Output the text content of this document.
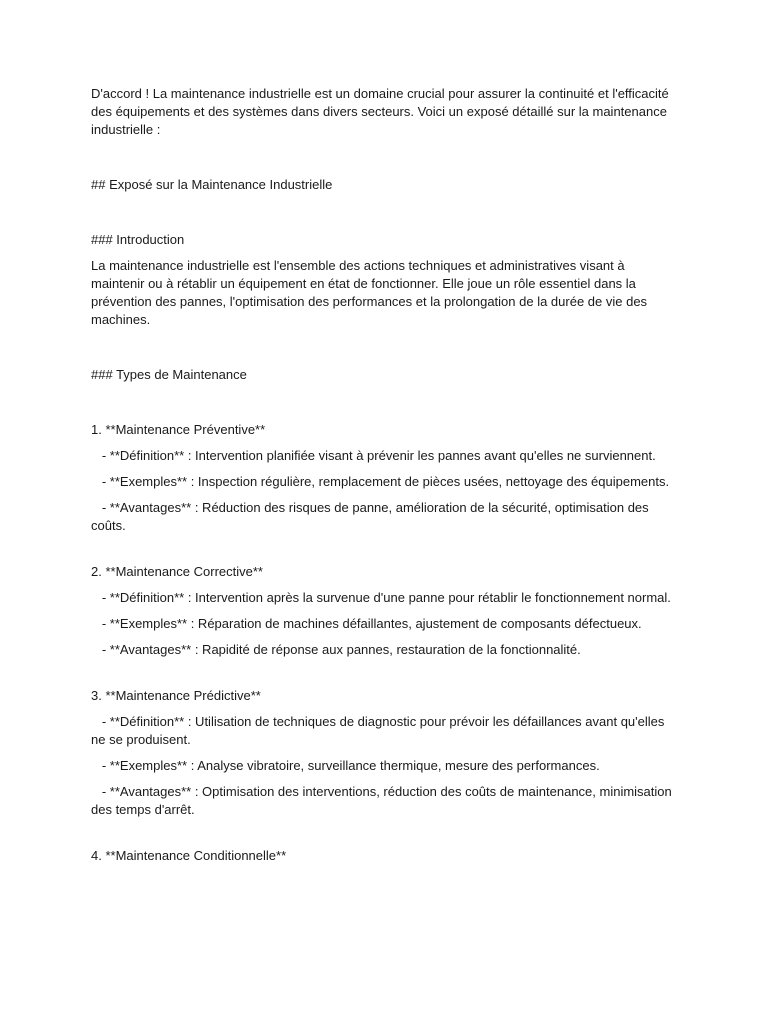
D'accord ! La maintenance industrielle est un domaine crucial pour assurer la continuité et l'efficacité des équipements et des systèmes dans divers secteurs. Voici un exposé détaillé sur la maintenance industrielle :

## Exposé sur la Maintenance Industrielle

### Introduction

La maintenance industrielle est l'ensemble des actions techniques et administratives visant à maintenir ou à rétablir un équipement en état de fonctionner. Elle joue un rôle essentiel dans la prévention des pannes, l'optimisation des performances et la prolongation de la durée de vie des machines.

### Types de Maintenance

1. **Maintenance Préventive**

- **Définition** : Intervention planifiée visant à prévenir les pannes avant qu'elles ne surviennent.

- **Exemples** : Inspection régulière, remplacement de pièces usées, nettoyage des équipements.

- **Avantages** : Réduction des risques de panne, amélioration de la sécurité, optimisation des coûts.

2. **Maintenance Corrective**

- **Définition** : Intervention après la survenue d'une panne pour rétablir le fonctionnement normal.

- **Exemples** : Réparation de machines défaillantes, ajustement de composants défectueux.

- **Avantages** : Rapidité de réponse aux pannes, restauration de la fonctionnalité.

3. **Maintenance Prédictive**

- **Définition** : Utilisation de techniques de diagnostic pour prévoir les défaillances avant qu'elles ne se produisent.

- **Exemples** : Analyse vibratoire, surveillance thermique, mesure des performances.

- **Avantages** : Optimisation des interventions, réduction des coûts de maintenance, minimisation des temps d'arrêt.

4. **Maintenance Conditionnelle**
